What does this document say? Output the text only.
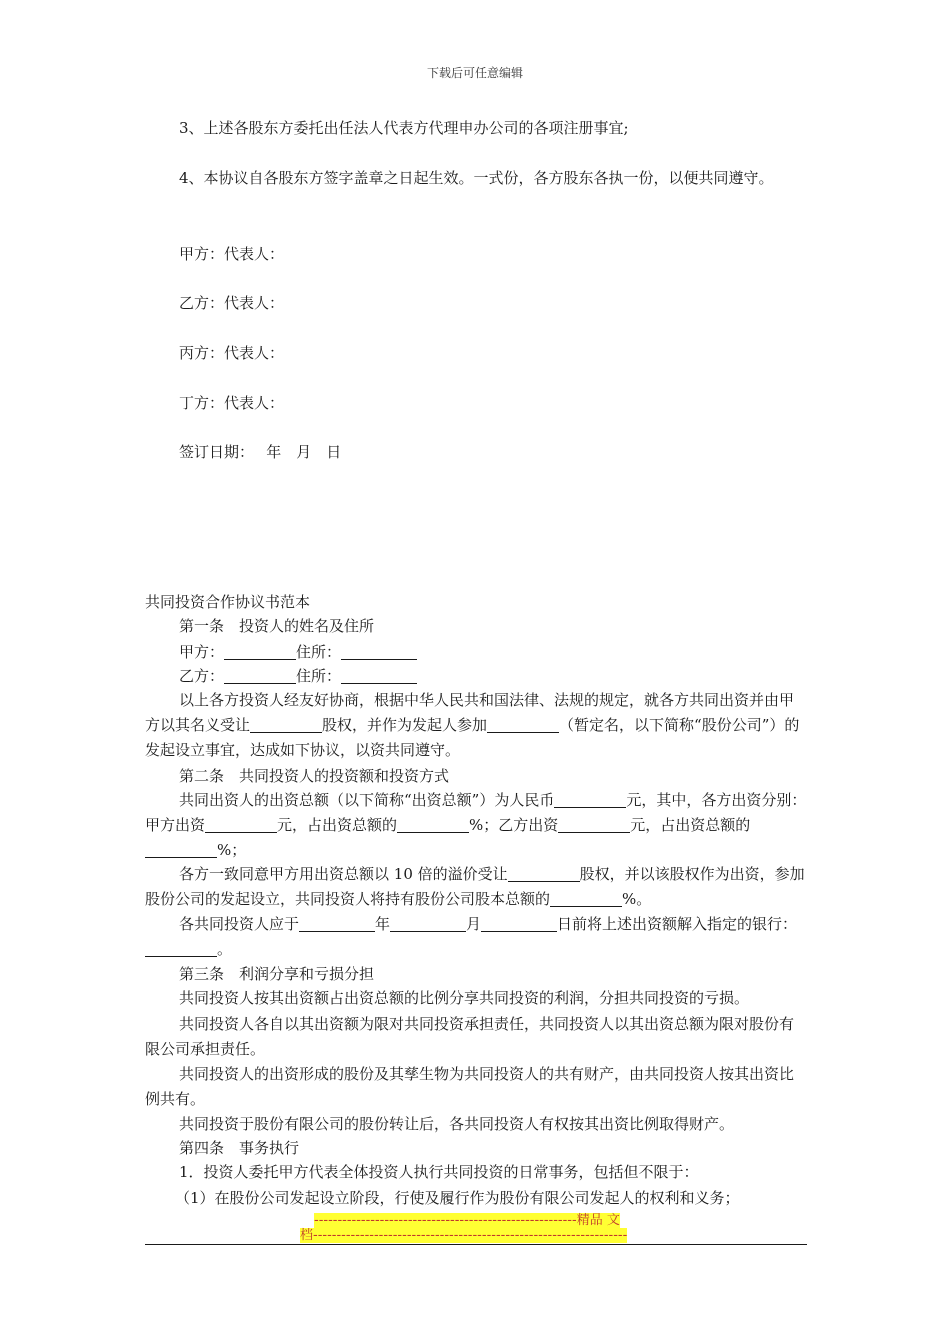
下载后可任意编辑
3、上述各股东方委托出任法人代表方代理申办公司的各项注册事宜;
4、本协议自各股东方签字盖章之日起生效。一式份，各方股东各执一份，以便共同遵守。
甲方：代表人：
乙方：代表人：
丙方：代表人：
丁方：代表人：
签订日期：　 年　月　日
共同投资合作协议书范本
第一条　投资人的姓名及住所
甲方：	住所：
乙方：	住所：
以上各方投资人经友好协商，根据中华人民共和国法律、法规的规定，就各方共同出资并由甲方以其名义受让	股权，并作为发起人参加	（暂定名，以下简称“股份公司”）的发起设立事宜，达成如下协议，以资共同遵守。
第二条　共同投资人的投资额和投资方式
共同出资人的出资总额（以下简称“出资总额”）为人民币	元，其中，各方出资分别：甲方出资	元，占出资总额的	%；乙方出资	元，占出资总额的%；
各方一致同意甲方用出资总额以 10 倍的溢价受让	股权，并以该股权作为出资，参加股份公司的发起设立，共同投资人将持有股份公司股本总额的	%。
各共同投资人应于	年	月	日前将上述出资额解入指定的银行：。
第三条　利润分享和亏损分担
共同投资人按其出资额占出资总额的比例分享共同投资的利润，分担共同投资的亏损。
共同投资人各自以其出资额为限对共同投资承担责任，共同投资人以其出资总额为限对股份有限公司承担责任。
共同投资人的出资形成的股份及其孳生物为共同投资人的共有财产，由共同投资人按其出资比例共有。
共同投资于股份有限公司的股份转让后，各共同投资人有权按其出资比例取得财产。
第四条　事务执行
1．投资人委托甲方代表全体投资人执行共同投资的日常事务，包括但不限于：
（1）在股份公司发起设立阶段，行使及履行作为股份有限公司发起人的权利和义务；
--------------------------------------------------------精品 文
档-------------------------------------------------------------------
